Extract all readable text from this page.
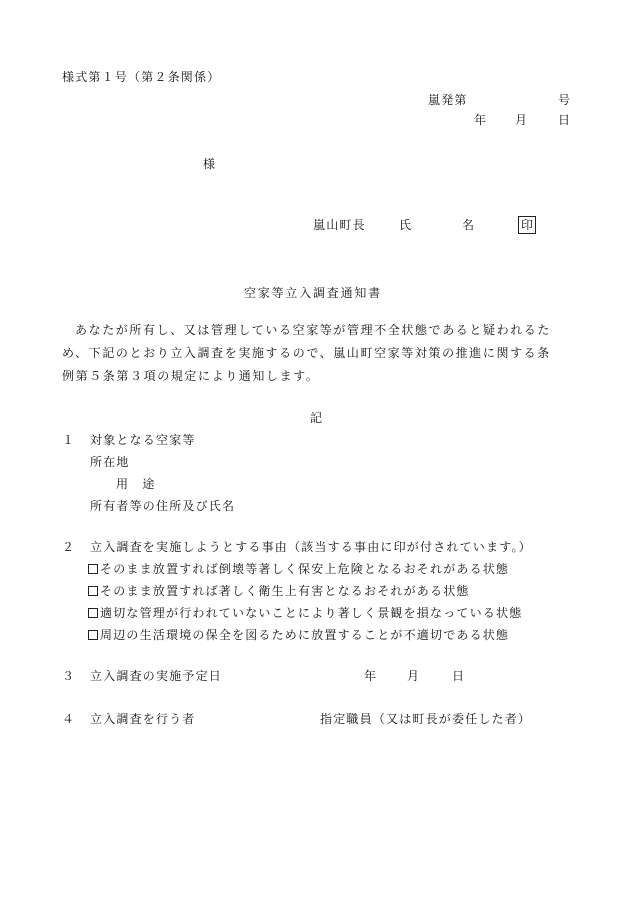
様式第１号（第２条関係）
嵐発第	号
年 月 日
様
嵐山町長	氏	名	印
空家等立入調査通知書
あなたが所有し、又は管理している空家等が管理不全状態であると疑われるた
め、下記のとおり立入調査を実施するので、嵐山町空家等対策の推進に関する条
例第５条第３項の規定により通知します。
記
１ 対象となる空家等
所在地
用　途
所有者等の住所及び氏名
２ 立入調査を実施しようとする事由（該当する事由に印が付されています。）
そのまま放置すれば倒壊等著しく保安上危険となるおそれがある状態
そのまま放置すれば著しく衛生上有害となるおそれがある状態
適切な管理が行われていないことにより著しく景観を損なっている状態
周辺の生活環境の保全を図るために放置することが不適切である状態
３ 立入調査の実施予定日	年 月	日
４ 立入調査を行う者	指定職員（又は町長が委任した者）
